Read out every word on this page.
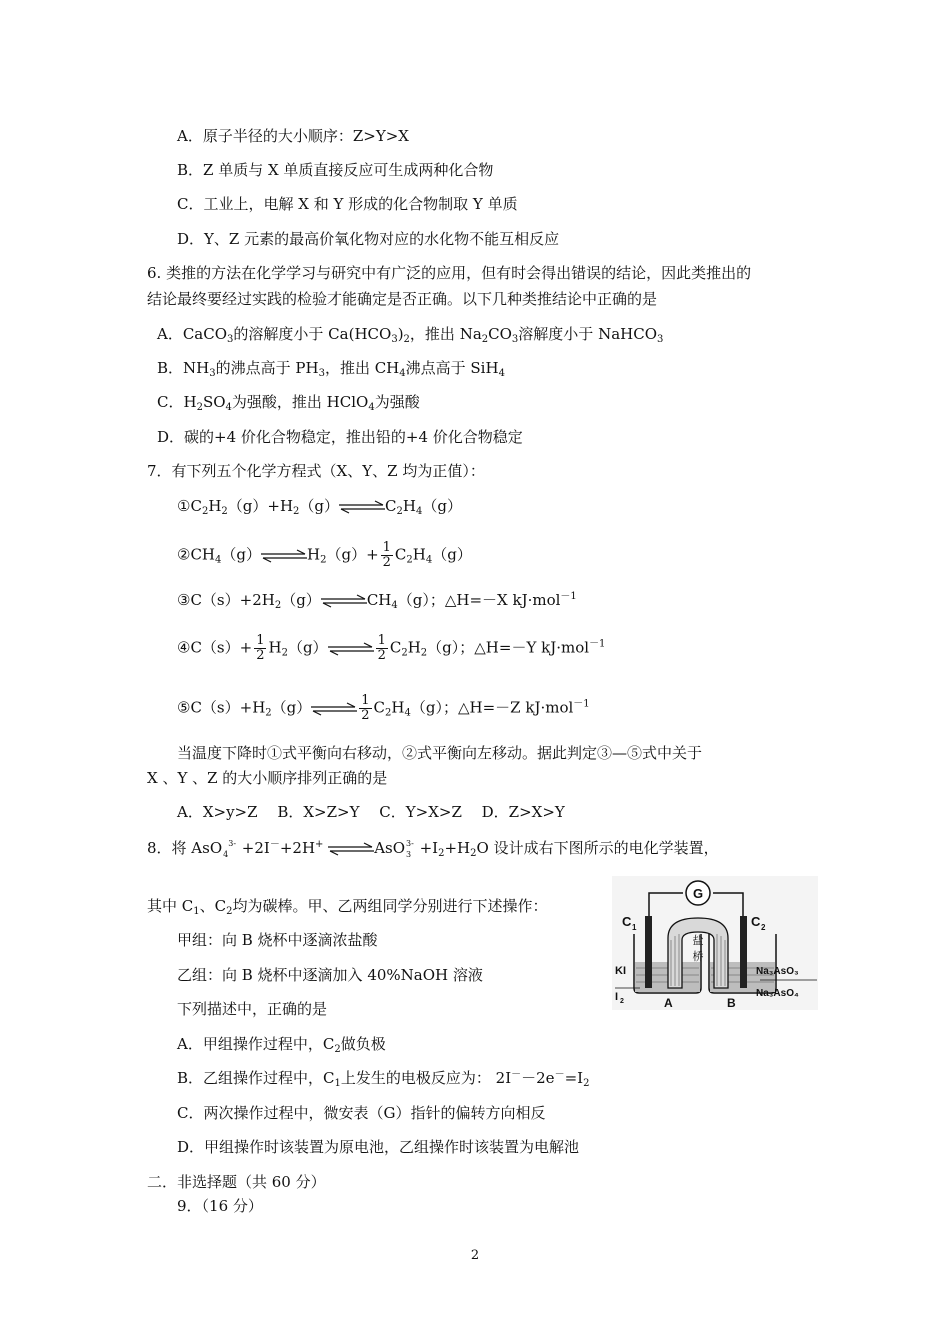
A．原子半径的大小顺序：Z>Y>X
B．Z 单质与 X 单质直接反应可生成两种化合物
C．工业上，电解 X 和 Y 形成的化合物制取 Y 单质
D．Y、Z 元素的最高价氧化物对应的水化物不能互相反应
6. 类推的方法在化学学习与研究中有广泛的应用，但有时会得出错误的结论，因此类推出的
结论最终要经过实践的检验才能确定是否正确。以下几种类推结论中正确的是
A．CaCO$_3$的溶解度小于 $Ca(HCO_3)_2$，推出 $Na_2CO_3$溶解度小于 NaHCO$_3$
B．$NH_3$的沸点高于 $PH_3$，推出 $CH_4$沸点高于 SiH$_4$
C．$H_2SO_4$为强酸，推出 HClO$_4$为强酸
D．碳的+4 价化合物稳定，推出铅的+4 价化合物稳定
7．有下列五个化学方程式（X、Y、Z 均为正值）：
$①C_2H_2(g)+H_2(g)\rightleftharpoons C_2H_4(g)$
$②CH_4(g)\rightleftharpoons H_2(g)+ \frac{1}{2} C_2H_4(g)$
$③C(s)+2H_2(g)\rightleftharpoons CH_4(g)$；△H=－X kJ·mol$^{-1}$
④C（s）+ $\frac{1}{2}$ $H_2(g)\rightleftharpoons \frac{1}{2} C_2H_2(g)$；△H=－Y kJ·mol$^{-1}$
$⑤C(s)+H_2(g)\rightleftharpoons \frac{1}{2} C_2H_4(g)$；△H=－Z kJ·mol$^{-1}$
当温度下降时①式平衡向右移动，②式平衡向左移动。据此判定③—⑤式中关于
X 、Y 、Z 的大小顺序排列正确的是
A．X>y>Z　 B．X>Z>Y　 C．Y>X>Z　 D．Z>X>Y
8．将 AsO  3-
4 +2I－+2H+ ⇌AsO3-
$3 +I_2+H_2O$ 设计成右下图所示的电化学装置，
其中 $C_1$、$C_2$均为碳棒。甲、乙两组同学分别进行下述操作：
甲组：向 B 烧杯中逐滴浓盐酸
乙组：向 B 烧杯中逐滴加入 40%NaOH 溶液
下列描述中，正确的是
A．甲组操作过程中，$C_2$做负极
B．乙组操作过程中，$C_1$上发生的电极反应为： $2I^--2e^-=I_2$
C．两次操作过程中，微安表（G）指针的偏转方向相反
D．甲组操作时该装置为原电池，乙组操作时该装置为电解池
G
盐
桥
C 1	C 2
KI
I 2
Na₃AsO₃
Na₃AsO₄
A	B
二．非选择题（共 60 分）
9．（16 分）
2
